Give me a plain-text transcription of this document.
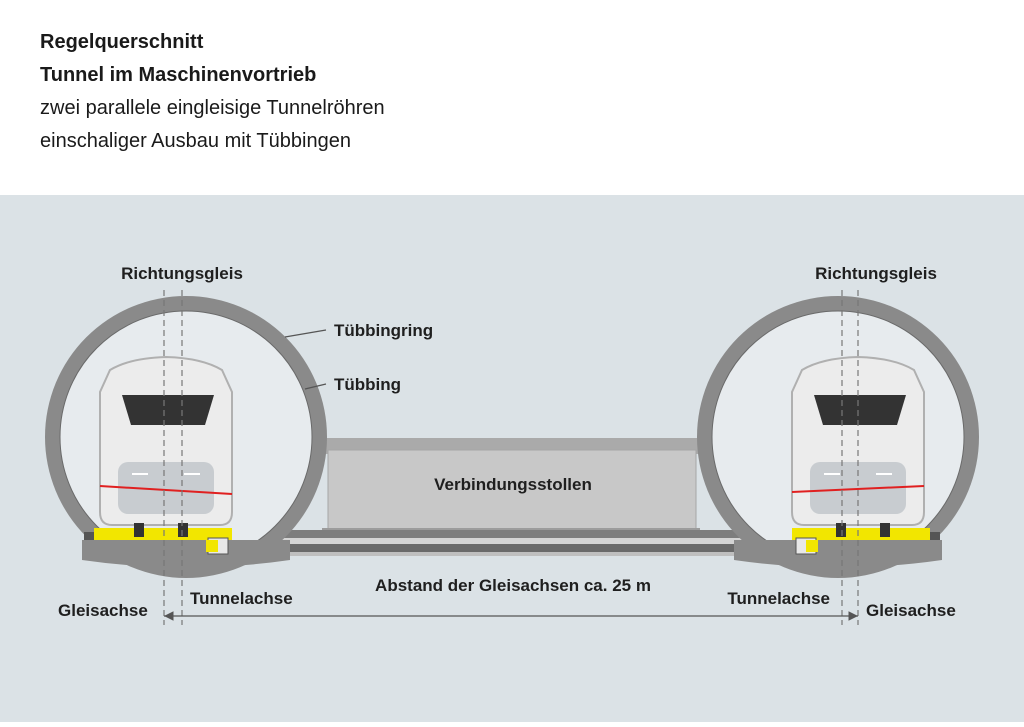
Regelquerschnitt
Tunnel im Maschinenvortrieb
zwei parallele eingleisige Tunnelröhren
einschaliger Ausbau mit Tübbingen
Verbindungsstollen
Richtungsgleis	Richtungsgleis
Tübbingring
Tübbing
Abstand der Gleisachsen ca. 25 m
Tunnelachse	Tunnelachse
Gleisachse	Gleisachse
